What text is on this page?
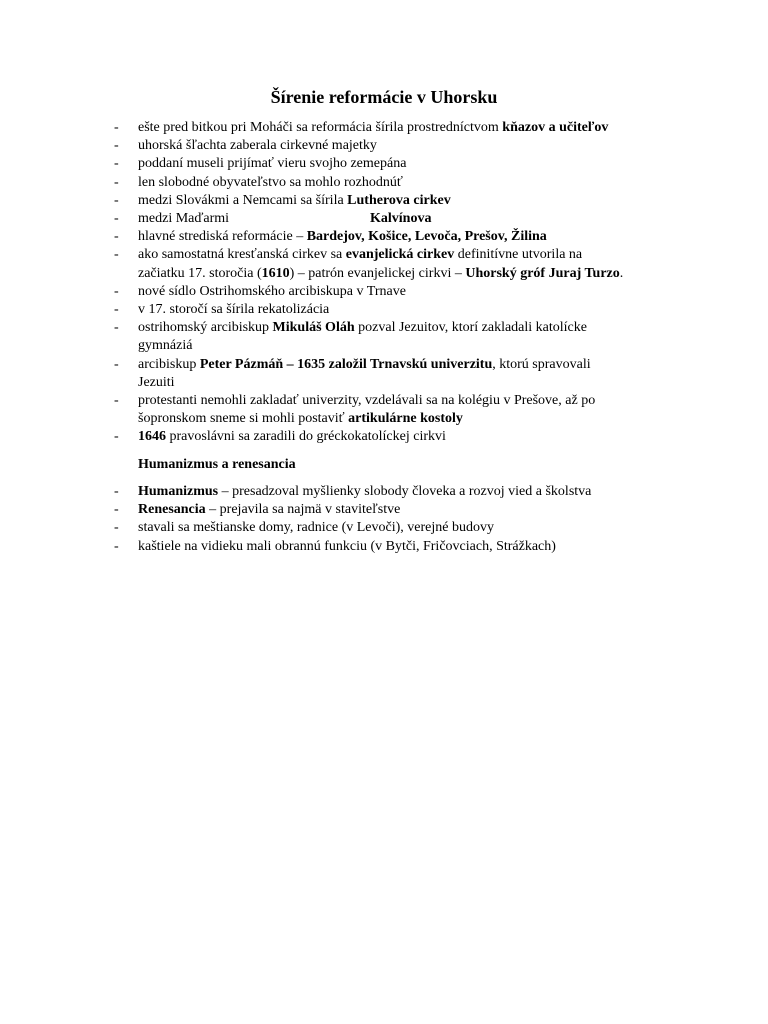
Šírenie reformácie v Uhorsku
- ešte pred bitkou pri Moháči sa reformácia šírila prostredníctvom kňazov a učiteľov
- uhorská šľachta zaberala cirkevné majetky
- poddaní museli prijímať vieru svojho zemepána
- len slobodné obyvateľstvo sa mohlo rozhodnúť
- medzi Slovákmi a Nemcami sa šírila Lutherova cirkev
- medzi Maďarmi	Kalvínova
- hlavné strediská reformácie – Bardejov, Košice, Levoča, Prešov, Žilina
- ako samostatná kresťanská cirkev sa evanjelická cirkev definitívne utvorila na
začiatku 17. storočia (1610) – patrón evanjelickej cirkvi – Uhorský gróf Juraj Turzo.
- nové sídlo Ostrihomského arcibiskupa v Trnave
- v 17. storočí sa šírila rekatolizácia
- ostrihomský arcibiskup Mikuláš Oláh pozval Jezuitov, ktorí zakladali katolícke
gymnáziá
- arcibiskup Peter Pázmáň – 1635 založil Trnavskú univerzitu, ktorú spravovali
Jezuiti
- protestanti nemohli zakladať univerzity, vzdelávali sa na kolégiu v Prešove, až po
šopronskom sneme si mohli postaviť artikulárne kostoly
- 1646 pravoslávni sa zaradili do gréckokatolíckej cirkvi
Humanizmus a renesancia
- Humanizmus – presadzoval myšlienky slobody človeka a rozvoj vied a školstva
- Renesancia – prejavila sa najmä v staviteľstve
- stavali sa meštianske domy, radnice (v Levoči), verejné budovy
- kaštiele na vidieku mali obrannú funkciu (v Bytči, Fričovciach, Strážkach)
